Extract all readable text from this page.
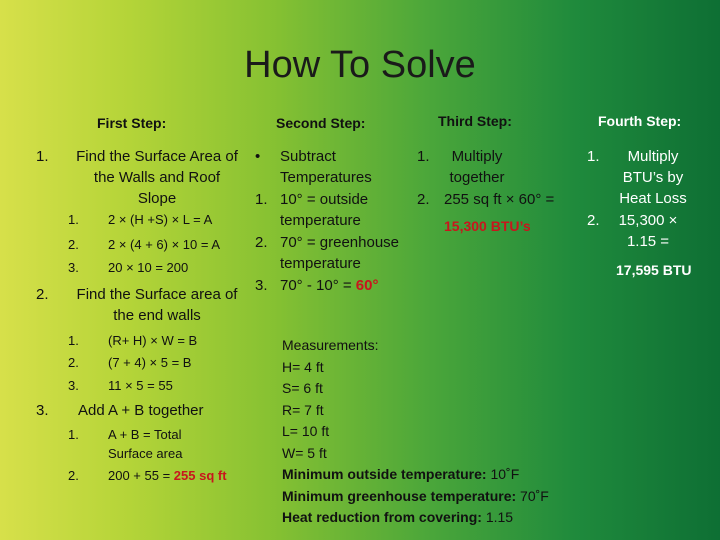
How To Solve
First Step:	Second Step:	Third Step:	Fourth Step:
1. Find the Surface Area of the Walls and Roof Slope
1. 2 × (H +S) × L = A
2. 2 × (4 + 6) × 10 = A
3. 20 × 10 = 200
2. Find the Surface area of the end walls
1. (R+ H) × W = B
2. (7 + 4) × 5 = B
3. 11 × 5 = 55
3. Add A + B together
1. A + B = Total Surface area
2. 200 + 55 = 255 sq ft
• Subtract Temperatures
1. 10° = outside temperature
2. 70° = greenhouse temperature
3. 70° - 10° = 60°
1.	Multiply together
2. 255 sq ft × 60° =
15,300 BTU’s
1.	Multiply BTU’s by Heat Loss
2.	15,300 × 1.15 =
17,595 BTU
Measurements:
H= 4 ft
S= 6 ft
R= 7 ft
L= 10 ft
W= 5 ft
Minimum outside temperature: 10˚F
Minimum greenhouse temperature: 70˚F
Heat reduction from covering: 1.15
